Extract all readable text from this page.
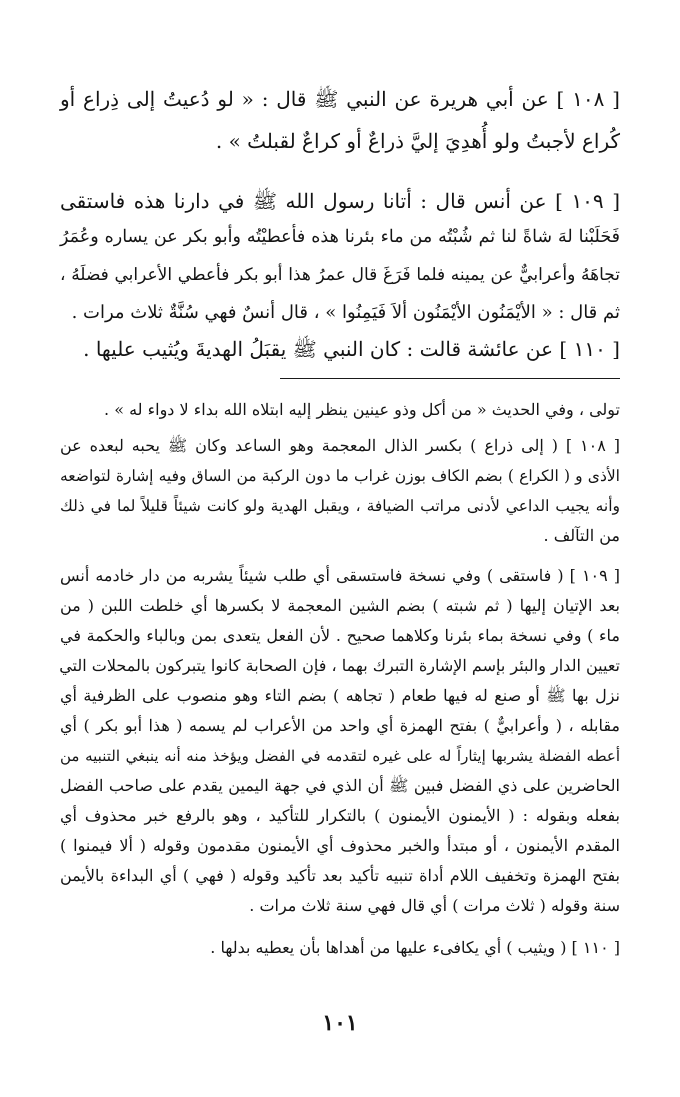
[ ١٠٨ ] عن أبي هريرة عن النبي ﷺ قال : « لو دُعيتُ إلى ذِراع أو
كُراع لأجبتُ ولو أُهدِيَ إليَّ ذراعٌ أو كراعٌ لقبلتُ » .
[ ١٠٩ ] عن أنس قال : أتانا رسول الله ﷺ في دارنا هذه فاستقى
فَحَلَبْنا لهَ شاةً لنا ثم شُبْتُه من ماء بئرنا هذه فأعطيْتُه وأبو بكر عن يساره وعُمَرُ
تجاهَهُ وأعرابيٌّ عن يمينه فلما فَرَغَ قال عمرُ هذا أبو بكر فأعطي الأعرابي فضلَهُ ،
ثم قال : « الأيْمَنُون الأيْمَنُون ألاَ فَيَمِنُوا » ، قال أنسٌ فهي سُنَّةٌ ثلاث مرات .
[ ١١٠ ] عن عائشة قالت : كان النبي ﷺ يقبَلُ الهديةَ ويُثيب عليها .
تولى ، وفي الحديث « من أكل وذو عينين ينظر إليه ابتلاه الله بداء لا دواء له » .
[ ١٠٨ ] ( إلى ذراع ) بكسر الذال المعجمة وهو الساعد وكان ﷺ يحبه لبعده عن
الأذى و ( الكراع ) بضم الكاف بوزن غراب ما دون الركبة من الساق وفيه إشارة لتواضعه
وأنه يجيب الداعي لأدنى مراتب الضيافة ، ويقبل الهدية ولو كانت شيئاً قليلاً لما في ذلك
من التآلف .
[ ١٠٩ ] ( فاستقى ) وفي نسخة فاستسقى أي طلب شيئاً يشربه من دار خادمه أنس
بعد الإتيان إليها ( ثم شبته ) بضم الشين المعجمة لا بكسرها أي خلطت اللبن ( من
ماء ) وفي نسخة بماء بئرنا وكلاهما صحيح . لأن الفعل يتعدى بمن وبالباء والحكمة في
تعيين الدار والبئر بإسم الإشارة التبرك بهما ، فإن الصحابة كانوا يتبركون بالمحلات التي
نزل بها ﷺ أو صنع له فيها طعام ( تجاهه ) بضم التاء وهو منصوب على الظرفية أي
مقابله ، ( وأعرابيٌّ ) بفتح الهمزة أي واحد من الأعراب لم يسمه ( هذا أبو بكر ) أي
أعطه الفضلة يشربها إيثاراً له على غيره لتقدمه في الفضل ويؤخذ منه أنه ينبغي التنبيه من
الحاضرين على ذي الفضل فبين ﷺ أن الذي في جهة اليمين يقدم على صاحب الفضل
بفعله وبقوله : ( الأيمنون الأيمنون ) بالتكرار للتأكيد ، وهو بالرفع خبر محذوف أي
المقدم الأيمنون ، أو مبتدأ والخبر محذوف أي الأيمنون مقدمون وقوله ( ألا فيمنوا )
بفتح الهمزة وتخفيف اللام أداة تنبيه تأكيد بعد تأكيد وقوله ( فهي ) أي البداءة بالأيمن
سنة وقوله ( ثلاث مرات ) أي قال فهي سنة ثلاث مرات .
[ ١١٠ ] ( ويثيب ) أي يكافىء عليها من أهداها بأن يعطيه بدلها .
١٠١
